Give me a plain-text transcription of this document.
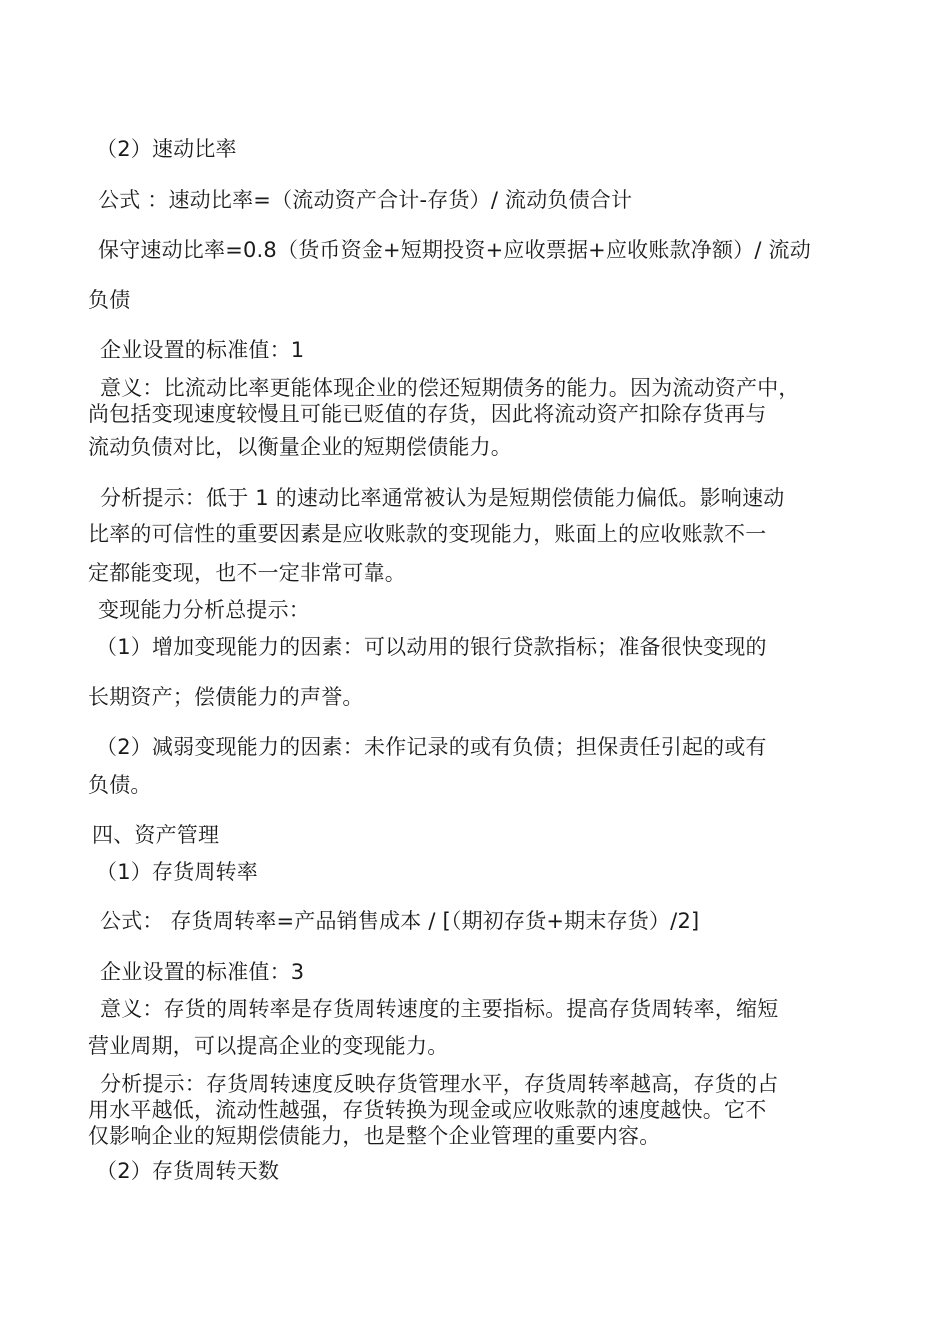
（2）速动比率
公式 ：速动比率=（流动资产合计-存货）/ 流动负债合计
保守速动比率=0.8（货币资金+短期投资+应收票据+应收账款净额）/ 流动
负债
企业设置的标准值：1
意义：比流动比率更能体现企业的偿还短期债务的能力。因为流动资产中，
尚包括变现速度较慢且可能已贬值的存货，因此将流动资产扣除存货再与
流动负债对比，以衡量企业的短期偿债能力。
分析提示：低于 1 的速动比率通常被认为是短期偿债能力偏低。影响速动
比率的可信性的重要因素是应收账款的变现能力，账面上的应收账款不一
定都能变现，也不一定非常可靠。
变现能力分析总提示：
（1）增加变现能力的因素：可以动用的银行贷款指标；准备很快变现的
长期资产；偿债能力的声誉。
（2）减弱变现能力的因素：未作记录的或有负债；担保责任引起的或有
负债。
四、资产管理
（1）存货周转率
公式： 存货周转率=产品销售成本 / [（期初存货+期末存货）/2]
企业设置的标准值：3
意义：存货的周转率是存货周转速度的主要指标。提高存货周转率，缩短
营业周期，可以提高企业的变现能力。
分析提示：存货周转速度反映存货管理水平，存货周转率越高，存货的占
用水平越低，流动性越强，存货转换为现金或应收账款的速度越快。它不
仅影响企业的短期偿债能力，也是整个企业管理的重要内容。
（2）存货周转天数
